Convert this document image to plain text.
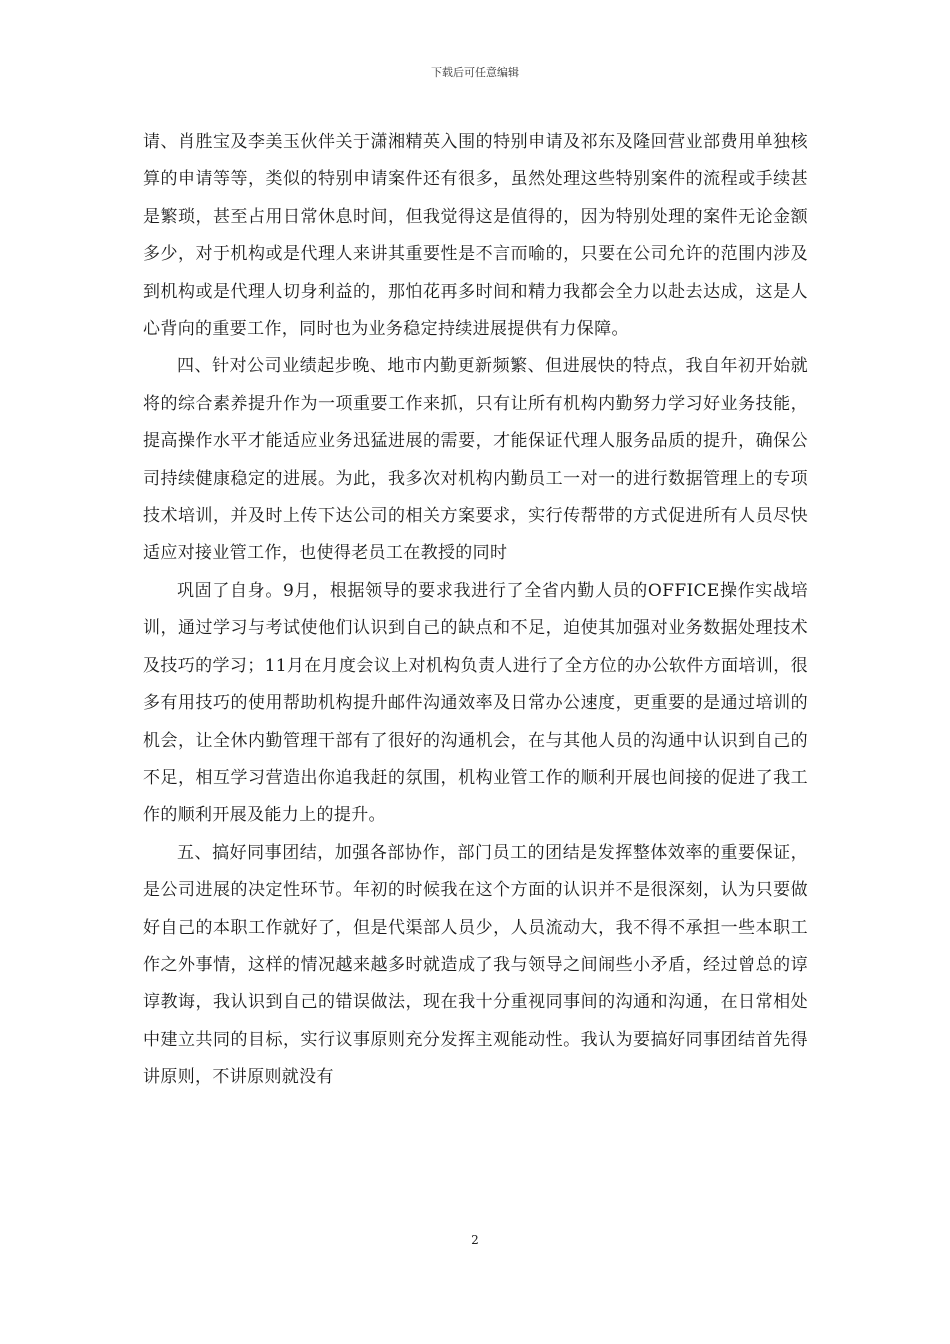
下载后可任意编辑

请、肖胜宝及李美玉伙伴关于潇湘精英入围的特别申请及祁东及隆回营业部费用单独核算的申请等等，类似的特别申请案件还有很多，虽然处理这些特别案件的流程或手续甚是繁琐，甚至占用日常休息时间，但我觉得这是值得的，因为特别处理的案件无论金额多少，对于机构或是代理人来讲其重要性是不言而喻的，只要在公司允许的范围内涉及到机构或是代理人切身利益的，那怕花再多时间和精力我都会全力以赴去达成，这是人心背向的重要工作，同时也为业务稳定持续进展提供有力保障。

四、针对公司业绩起步晚、地市内勤更新频繁、但进展快的特点，我自年初开始就将的综合素养提升作为一项重要工作来抓，只有让所有机构内勤努力学习好业务技能，提高操作水平才能适应业务迅猛进展的需要，才能保证代理人服务品质的提升，确保公司持续健康稳定的进展。为此，我多次对机构内勤员工一对一的进行数据管理上的专项技术培训，并及时上传下达公司的相关方案要求，实行传帮带的方式促进所有人员尽快适应对接业管工作，也使得老员工在教授的同时

巩固了自身。9月，根据领导的要求我进行了全省内勤人员的OFFICE操作实战培训，通过学习与考试使他们认识到自己的缺点和不足，迫使其加强对业务数据处理技术及技巧的学习；11月在月度会议上对机构负责人进行了全方位的办公软件方面培训，很多有用技巧的使用帮助机构提升邮件沟通效率及日常办公速度，更重要的是通过培训的机会，让全休内勤管理干部有了很好的沟通机会，在与其他人员的沟通中认识到自己的不足，相互学习营造出你追我赶的氛围，机构业管工作的顺利开展也间接的促进了我工作的顺利开展及能力上的提升。

五、搞好同事团结，加强各部协作，部门员工的团结是发挥整体效率的重要保证，是公司进展的决定性环节。年初的时候我在这个方面的认识并不是很深刻，认为只要做好自己的本职工作就好了，但是代渠部人员少，人员流动大，我不得不承担一些本职工作之外事情，这样的情况越来越多时就造成了我与领导之间闹些小矛盾，经过曾总的谆谆教诲，我认识到自己的错误做法，现在我十分重视同事间的沟通和沟通，在日常相处中建立共同的目标，实行议事原则充分发挥主观能动性。我认为要搞好同事团结首先得讲原则，不讲原则就没有

2
